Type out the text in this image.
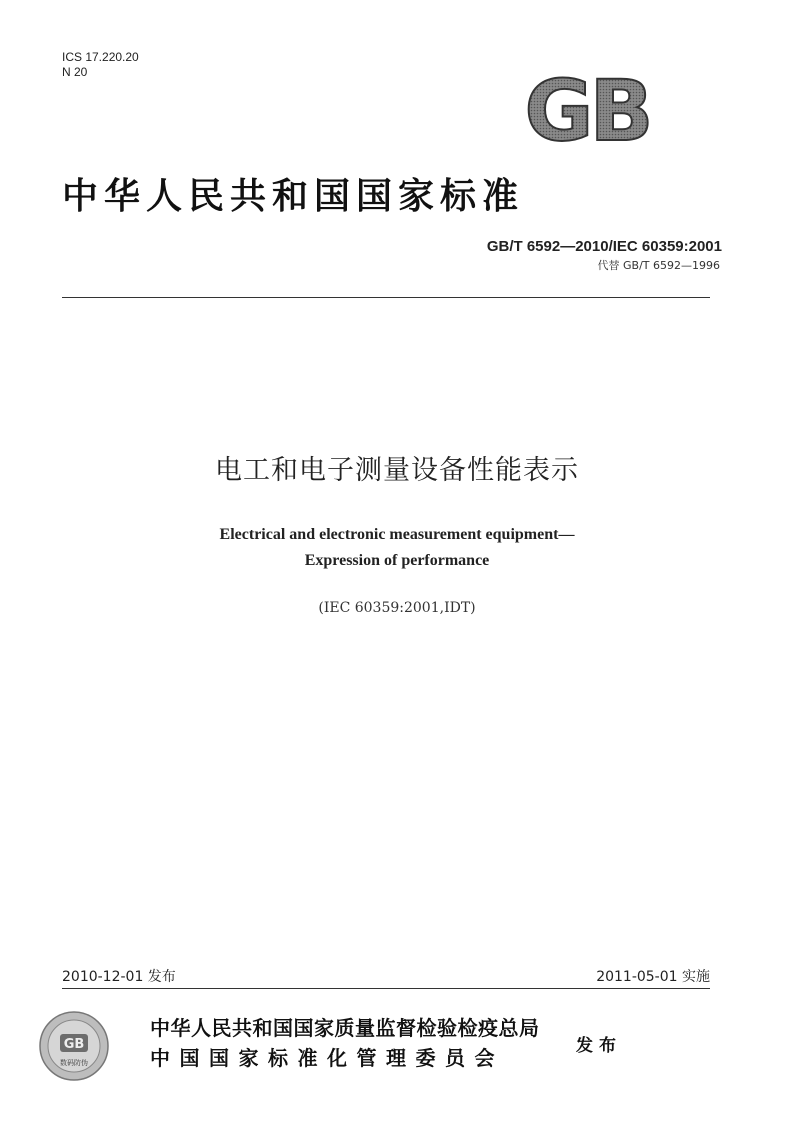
ICS 17.220.20
N 20	GB
中华人民共和国国家标准
GB/T 6592—2010/IEC 60359:2001
代替 GB/T 6592—1996
电工和电子测量设备性能表示
Electrical and electronic measurement equipment—
Expression of performance
(IEC 60359:2001,IDT)
2010-12-01 发布	2011-05-01 实施
GB
数码防伪
中华人民共和国国家质量监督检验检疫总局
中国国家标准化管理委员会	发布
